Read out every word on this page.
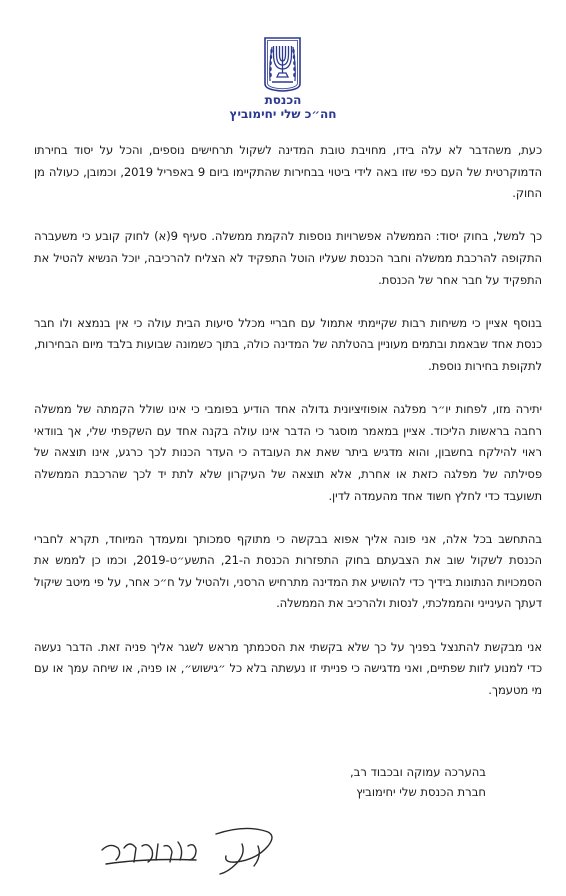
הכנסת
חה״כ שלי יחימוביץ

כעת, משהדבר לא עלה בידו, מחויבת טובת המדינה לשקול תרחישים נוספים, והכל על יסוד בחירתו הדמוקרטית של העם כפי שזו באה לידי ביטוי בבחירות שהתקיימו ביום 9 באפריל 2019, וכמובן, כעולה מן החוק.

כך למשל, בחוק יסוד: הממשלה אפשרויות נוספות להקמת ממשלה. סעיף 9(א) לחוק קובע כי משעברה התקופה להרכבת ממשלה וחבר הכנסת שעליו הוטל התפקיד לא הצליח להרכיבה, יוכל הנשיא להטיל את התפקיד על חבר אחר של הכנסת.

בנוסף אציין כי משיחות רבות שקיימתי אתמול עם חבריי מכלל סיעות הבית עולה כי אין בנמצא ולו חבר כנסת אחד שבאמת ובתמים מעוניין בהטלתה של המדינה כולה, בתוך כשמונה שבועות בלבד מיום הבחירות, לתקופת בחירות נוספת.

יתירה מזו, לפחות יו״ר מפלגה אופוזיציונית גדולה אחד הודיע בפומבי כי אינו שולל הקמתה של ממשלה רחבה בראשות הליכוד. אציין במאמר מוסגר כי הדבר אינו עולה בקנה אחד עם השקפתי שלי, אך בוודאי ראוי להילקח בחשבון, והוא מדגיש ביתר שאת את העובדה כי העדר הכנות לכך כרגע, אינו תוצאה של פסילתה של מפלגה כזאת או אחרת, אלא תוצאה של העיקרון שלא לתת יד לכך שהרכבת הממשלה תשועבד כדי לחלץ חשוד אחד מהעמדה לדין.

בהתחשב בכל אלה, אני פונה אליך אפוא בבקשה כי מתוקף סמכותך ומעמדך המיוחד, תקרא לחברי הכנסת לשקול שוב את הצבעתם בחוק התפזרות הכנסת ה-21, התשע״ט-2019, וכמו כן לממש את הסמכויות הנתונות בידיך כדי להושיע את המדינה מתרחיש הרסני, ולהטיל על ח״כ אחר, על פי מיטב שיקול דעתך העינייני והממלכתי, לנסות ולהרכיב את הממשלה.

אני מבקשת להתנצל בפניך על כך שלא בקשתי את הסכמתך מראש לשגר אליך פניה זאת. הדבר נעשה כדי למנוע לזות שפתיים, ואני מדגישה כי פנייתי זו נעשתה בלא כל ״גישוש״, או פניה, או שיחה עמך או עם מי מטעמך.

בהערכה עמוקה ובכבוד רב,
חברת הכנסת שלי יחימוביץ
